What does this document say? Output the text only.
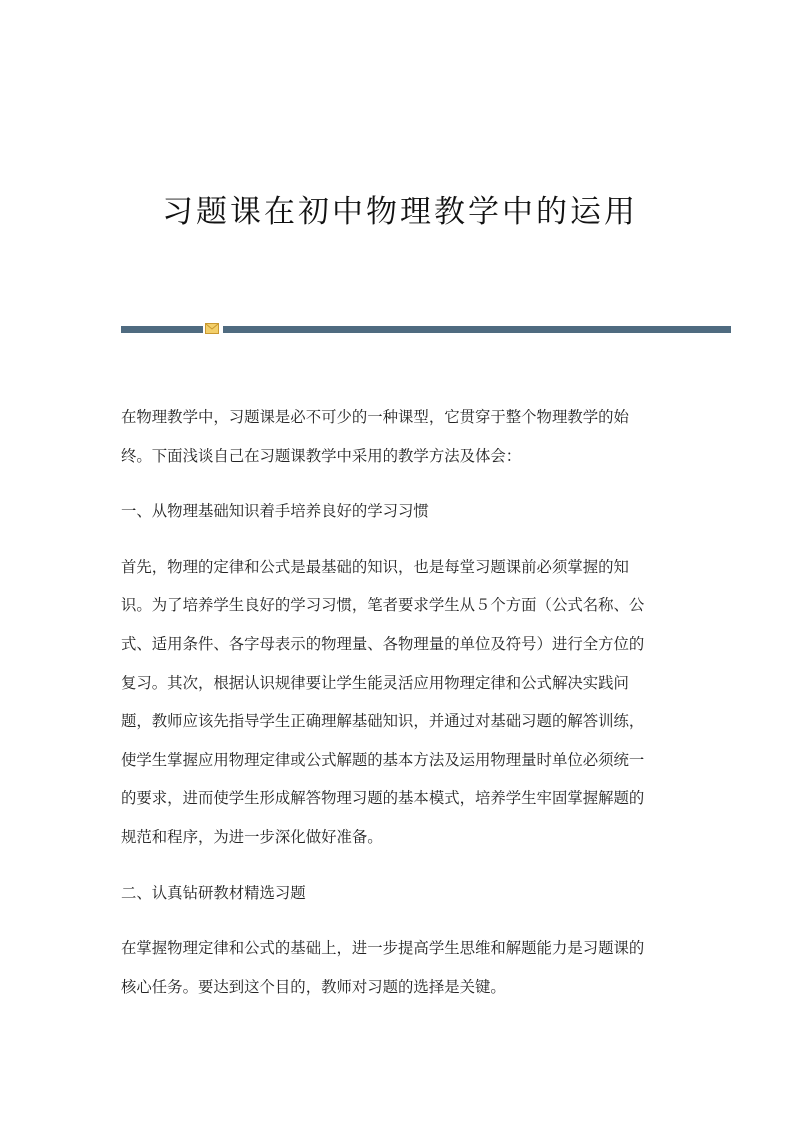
习题课在初中物理教学中的运用
在物理教学中，习题课是必不可少的一种课型，它贯穿于整个物理教学的始
终。下面浅谈自己在习题课教学中采用的教学方法及体会：
一、从物理基础知识着手培养良好的学习习惯
首先，物理的定律和公式是最基础的知识，也是每堂习题课前必须掌握的知
识。为了培养学生良好的学习习惯，笔者要求学生从５个方面（公式名称、公
式、适用条件、各字母表示的物理量、各物理量的单位及符号）进行全方位的
复习。其次，根据认识规律要让学生能灵活应用物理定律和公式解决实践问
题，教师应该先指导学生正确理解基础知识，并通过对基础习题的解答训练，
使学生掌握应用物理定律或公式解题的基本方法及运用物理量时单位必须统一
的要求，进而使学生形成解答物理习题的基本模式，培养学生牢固掌握解题的
规范和程序，为进一步深化做好准备。
二、认真钻研教材精选习题
在掌握物理定律和公式的基础上，进一步提高学生思维和解题能力是习题课的
核心任务。要达到这个目的，教师对习题的选择是关键。
